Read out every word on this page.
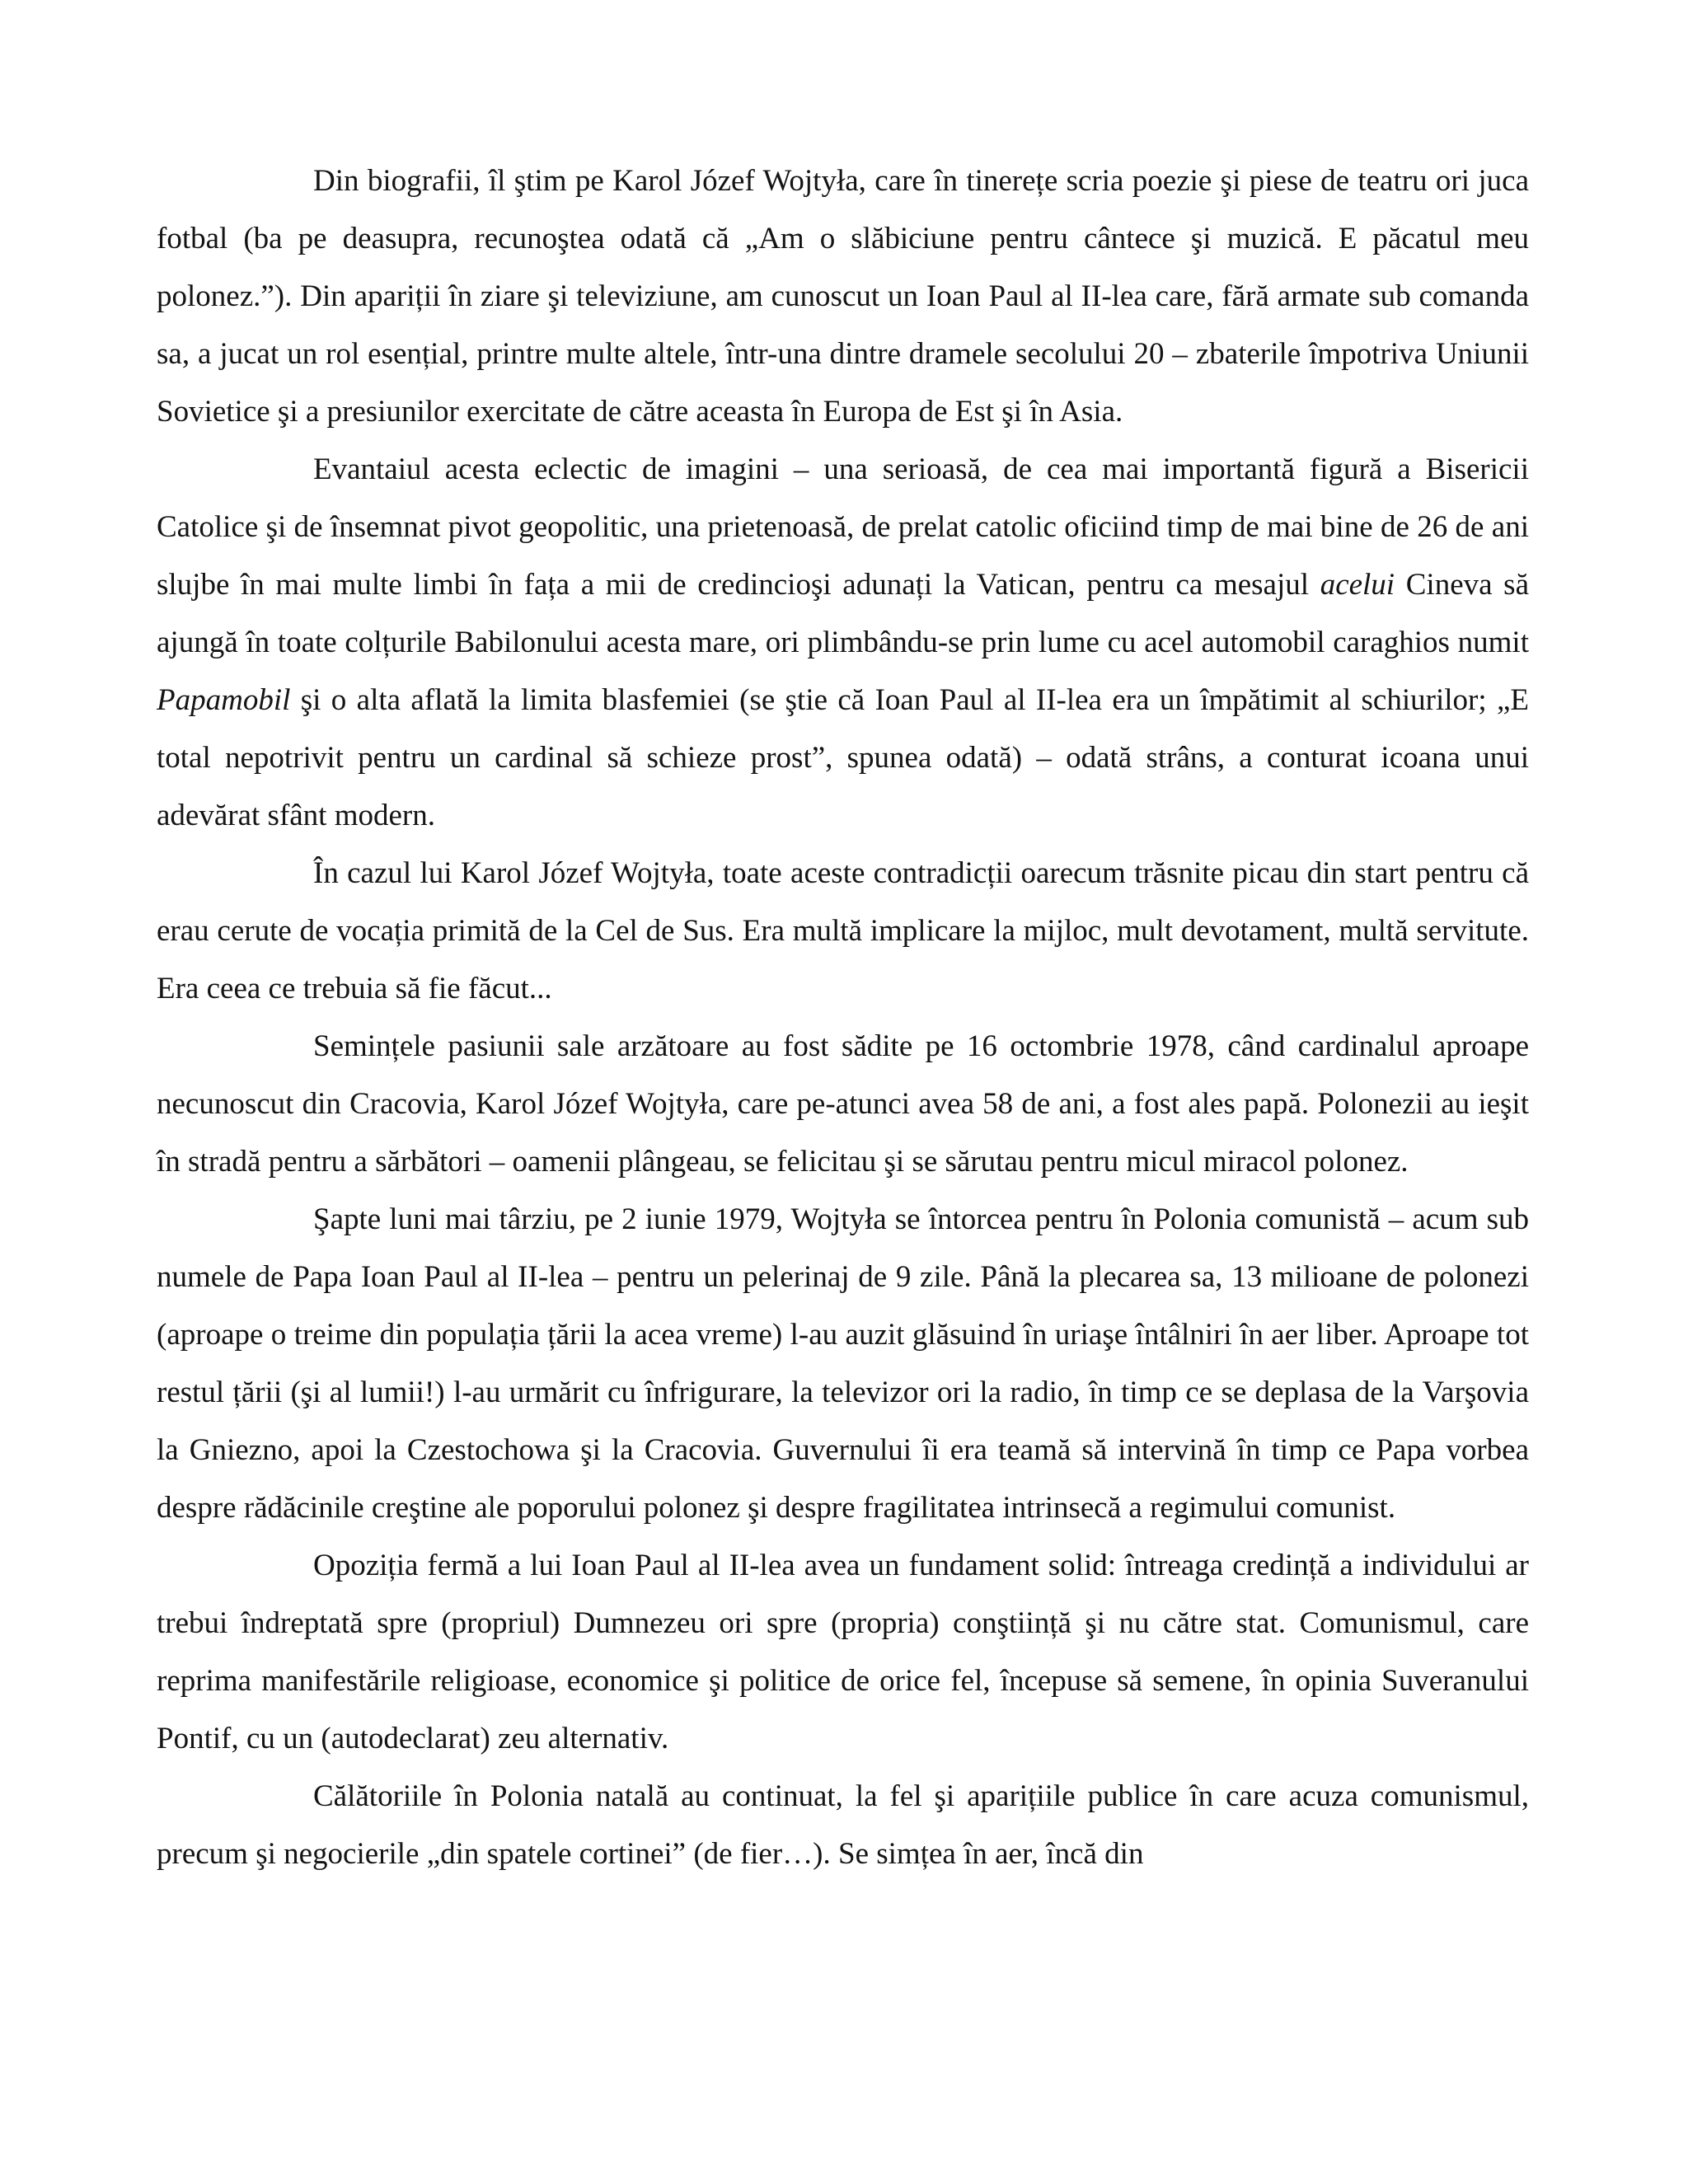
Din biografii, îl ştim pe Karol Józef Wojtyła, care în tinerețe scria poezie şi piese de teatru ori juca fotbal (ba pe deasupra, recunoştea odată că „Am o slăbiciune pentru cântece şi muzică. E păcatul meu polonez.”). Din apariții în ziare şi televiziune, am cunoscut un Ioan Paul al II-lea care, fără armate sub comanda sa, a jucat un rol esențial, printre multe altele, într-una dintre dramele secolului 20 – zbaterile împotriva Uniunii Sovietice şi a presiunilor exercitate de către aceasta în Europa de Est şi în Asia.

Evantaiul acesta eclectic de imagini – una serioasă, de cea mai importantă figură a Bisericii Catolice şi de însemnat pivot geopolitic, una prietenoasă, de prelat catolic oficiind timp de mai bine de 26 de ani slujbe în mai multe limbi în fața a mii de credincioşi adunați la Vatican, pentru ca mesajul acelui Cineva să ajungă în toate colțurile Babilonului acesta mare, ori plimbându-se prin lume cu acel automobil caraghios numit Papamobil şi o alta aflată la limita blasfemiei (se ştie că Ioan Paul al II-lea era un împătimit al schiurilor; „E total nepotrivit pentru un cardinal să schieze prost”, spunea odată) – odată strâns, a conturat icoana unui adevărat sfânt modern.

În cazul lui Karol Józef Wojtyła, toate aceste contradicții oarecum trăsnite picau din start pentru că erau cerute de vocația primită de la Cel de Sus. Era multă implicare la mijloc, mult devotament, multă servitute. Era ceea ce trebuia să fie făcut...

Semințele pasiunii sale arzătoare au fost sădite pe 16 octombrie 1978, când cardinalul aproape necunoscut din Cracovia, Karol Józef Wojtyła, care pe-atunci avea 58 de ani, a fost ales papă. Polonezii au ieşit în stradă pentru a sărbători – oamenii plângeau, se felicitau şi se sărutau pentru micul miracol polonez.

Şapte luni mai târziu, pe 2 iunie 1979, Wojtyła se întorcea pentru în Polonia comunistă – acum sub numele de Papa Ioan Paul al II-lea – pentru un pelerinaj de 9 zile. Până la plecarea sa, 13 milioane de polonezi (aproape o treime din populația țării la acea vreme) l-au auzit glăsuind în uriaşe întâlniri în aer liber. Aproape tot restul țării (şi al lumii!) l-au urmărit cu înfrigurare, la televizor ori la radio, în timp ce se deplasa de la Varşovia la Gniezno, apoi la Czestochowa şi la Cracovia. Guvernului îi era teamă să intervină în timp ce Papa vorbea despre rădăcinile creştine ale poporului polonez şi despre fragilitatea intrinsecă a regimului comunist.

Opoziția fermă a lui Ioan Paul al II-lea avea un fundament solid: întreaga credință a individului ar trebui îndreptată spre (propriul) Dumnezeu ori spre (propria) conştiință şi nu către stat. Comunismul, care reprima manifestările religioase, economice şi politice de orice fel, începuse să semene, în opinia Suveranului Pontif, cu un (autodeclarat) zeu alternativ.

Călătoriile în Polonia natală au continuat, la fel şi aparițiile publice în care acuza comunismul, precum şi negocierile „din spatele cortinei” (de fier…). Se simțea în aer, încă din
